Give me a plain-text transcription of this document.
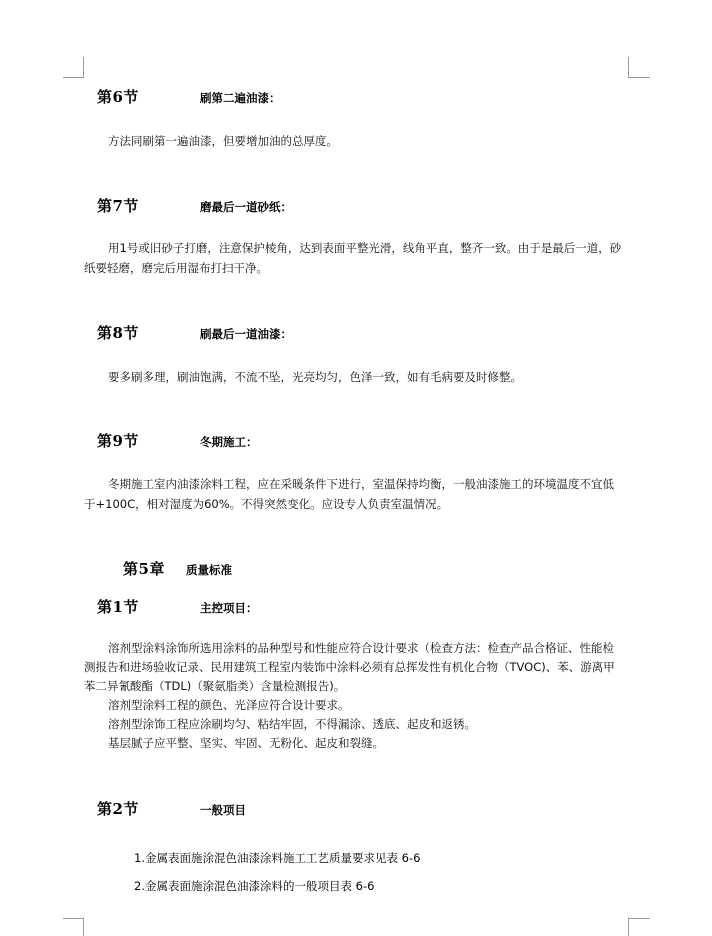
第6节	刷第二遍油漆：
方法同刷第一遍油漆，但要增加油的总厚度。
第7节	磨最后一道砂纸：
用1号或旧砂子打磨，注意保护棱角，达到表面平整光滑，线角平直，整齐一致。由于是最后一道，砂纸要轻磨，磨完后用湿布打扫干净。
第8节	刷最后一道油漆：
要多刷多理，刷油饱满，不流不坠，光亮均匀，色泽一致，如有毛病要及时修整。
第9节	冬期施工：
冬期施工室内油漆涂料工程，应在采暖条件下进行，室温保持均衡，一般油漆施工的环境温度不宜低于+100C，相对湿度为60%。不得突然变化。应设专人负责室温情况。
第5章 质量标准
第1节	主控项目：
溶剂型涂料涂饰所选用涂料的品种型号和性能应符合设计要求（检查方法：检查产品合格证、性能检测报告和进场验收记录、民用建筑工程室内装饰中涂料必须有总挥发性有机化合物（TVOC)、苯、游离甲苯二异氰酸酯（TDL)（聚氨脂类）含量检测报告)。
溶剂型涂料工程的颜色、光泽应符合设计要求。
溶剂型涂饰工程应涂刷均匀、粘结牢固，不得漏涂、透底、起皮和返锈。
基层腻子应平整、坚实、牢固、无粉化、起皮和裂缝。
第2节	一般项目
1.金属表面施涂混色油漆涂料施工工艺质量要求见表 6-6
2.金属表面施涂混色油漆涂料的一般项目表 6-6
